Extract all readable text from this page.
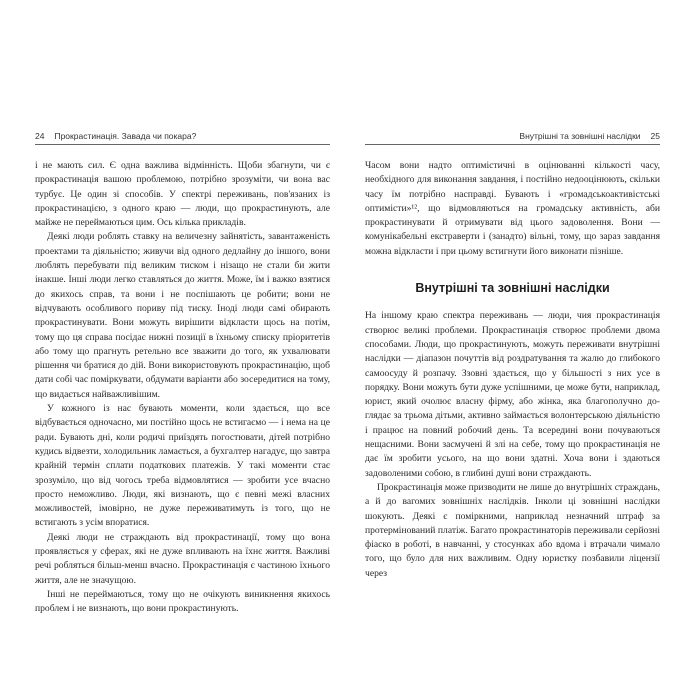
24 Прокрастинація. Завада чи покара?

і не мають сил. Є одна важлива відмінність. Щоби збагнути, чи є прокрастинація вашою проблемою, потрібно зрозуміти, чи вона вас турбує. Це один зі способів. У спектрі переживань, пов'язаних із прокрастинацією, з одного краю — люди, що прокрастинують, але майже не переймаються цим. Ось кілька прикладів.

Деякі люди роблять ставку на величезну зайнятість, завантаженість проектами та діяльністю; живучи від одного дедлайну до іншого, вони люблять перебувати під великим тиском і нізащо не стали би жити інакше. Інші люди легко ставляться до життя. Може, їм і важко взятися до якихось справ, та вони і не поспішають це робити; вони не відчувають особливого пориву під тиску. Іноді люди самі обирають прокрастинувати. Вони можуть вирішити відкласти щось на потім, тому що ця справа посідає нижні позиції в їхньому списку пріоритетів або тому що прагнуть ретельно все зважити до того, як ухвалювати рішення чи братися до дій. Вони використовують прокрастинацію, щоб дати собі час поміркувати, обдумати варіанти або зосередитися на тому, що видається найважливішим.

У кожного із нас бувають моменти, коли здається, що все відбувається одночасно, ми постійно щось не встигаємо — і нема на це ради. Бувають дні, коли родичі приїздять погостювати, дітей потрібно кудись відвезти, холодильник ламається, а бухгалтер нагадує, що завтра крайній термін сплати податкових платежів. У такі моменти стає зрозуміло, що від чогось треба відмовлятися — зробити усе вчасно просто неможливо. Люди, які визнають, що є певні межі власних можливостей, імовірно, не дуже переживатимуть із того, що не встигають з усім впоратися.

Деякі люди не страждають від прокрастинації, тому що вона проявляється у сферах, які не дуже впливають на їхнє життя. Важливі речі робляться більш-менш вчасно. Прокрастинація є частиною їхнього життя, але не значущою.

Інші не переймаються, тому що не очікують виникнення якихось проблем і не визнають, що вони прокрастинують.

Внутрішні та зовнішні наслідки 25

Часом вони надто оптимістичні в оцінюванні кількості часу, необхідного для виконання завдання, і постійно недооцінюють, скільки часу їм потрібно насправді. Бувають і «громадськоактивістські оптимісти»¹², що відмовляються на громадську активність, аби прокрастинувати й отримувати від цього задоволення. Вони — комунікабельні екстраверти і (занадто) вільні, тому, що зараз завдання можна відкласти і при цьому встигнути його виконати пізніше.

Внутрішні та зовнішні наслідки

На іншому краю спектра переживань — люди, чия прокрастинація створює великі проблеми. Прокрастинація створює проблеми двома способами. Люди, що прокрастинують, можуть переживати внутрішні наслідки — діапазон почуттів від роздратування та жалю до глибокого самоосуду й розпачу. Ззовні здається, що у більшості з них усе в порядку. Вони можуть бути дуже успішними, це може бути, наприклад, юрист, який очолює власну фірму, або жінка, яка благополучно доглядає за трьома дітьми, активно займається волонтерською діяльністю і працює на повний робочий день. Та всередині вони почуваються нещасними. Вони засмучені й злі на себе, тому що прокрастинація не дає їм зробити усього, на що вони здатні. Хоча вони і здаються задоволеними собою, в глибині душі вони страждають.

Прокрастинація може призводити не лише до внутрішніх страждань, а й до вагомих зовнішніх наслідків. Інколи ці зовнішні наслідки шокують. Деякі є поміркними, наприклад незначний штраф за протермінований платіж. Багато прокрастинаторів переживали серйозні фіаско в роботі, в навчанні, у стосунках або вдома і втрачали чимало того, що було для них важливим. Одну юристку позбавили ліцензії через
